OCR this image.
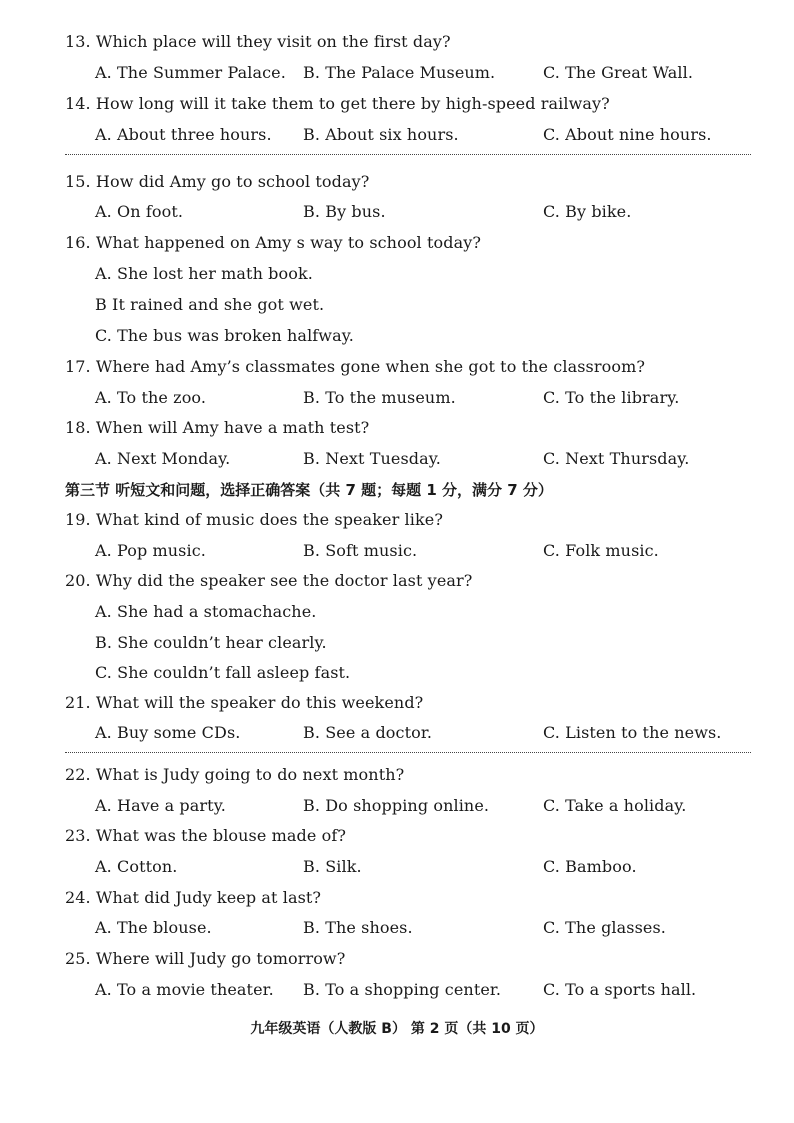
13. Which place will they visit on the first day?
A. The Summer Palace. B. The Palace Museum.	C. The Great Wall.
14. How long will it take them to get there by high-speed railway?
A. About three hours. B. About six hours.	C. About nine hours.
15. How did Amy go to school today?
A. On foot.	B. By bus.	C. By bike.
16. What happened on Amy s way to school today?
A. She lost her math book.
B It rained and she got wet.
C. The bus was broken halfway.
17. Where had Amy’s classmates gone when she got to the classroom?
A. To the zoo.	B. To the museum.	C. To the library.
18. When will Amy have a math test?
A. Next Monday.	B. Next Tuesday.	C. Next Thursday.
第三节 听短文和问题，选择正确答案（共 7 题；每题 1 分，满分 7 分）
19. What kind of music does the speaker like?
A. Pop music.	B. Soft music.	C. Folk music.
20. Why did the speaker see the doctor last year?
A. She had a stomachache.
B. She couldn’t hear clearly.
C. She couldn’t fall asleep fast.
21. What will the speaker do this weekend?
A. Buy some CDs.	B. See a doctor.	C. Listen to the news.
22. What is Judy going to do next month?
A. Have a party.	B. Do shopping online.	C. Take a holiday.
23. What was the blouse made of?
A. Cotton.	B. Silk.	C. Bamboo.
24. What did Judy keep at last?
A. The blouse.	B. The shoes.	C. The glasses.
25. Where will Judy go tomorrow?
A. To a movie theater. B. To a shopping center.	C. To a sports hall.
九年级英语（人教版 B） 第 2 页（共 10 页）
